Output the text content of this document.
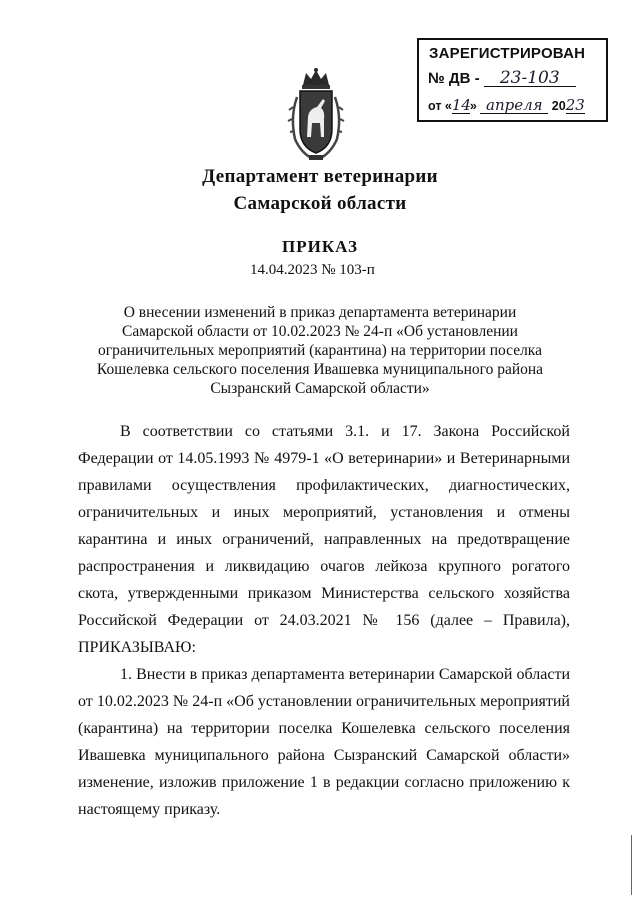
ЗАРЕГИСТРИРОВАН
№ ДВ - 23-103
от «14» апреля 2023
Департамент ветеринарии
Самарской области
ПРИКАЗ
14.04.2023 № 103-п
О внесении изменений в приказ департамента ветеринарии Самарской области от 10.02.2023 № 24-п «Об установлении ограничительных мероприятий (карантина) на территории поселка Кошелевка сельского поселения Ивашевка муниципального района Сызранский Самарской области»

В соответствии со статьями 3.1. и 17. Закона Российской Федерации от 14.05.1993 № 4979-1 «О ветеринарии» и Ветеринарными правилами осуществления профилактических, диагностических, ограничительных и иных мероприятий, установления и отмены карантина и иных ограничений, направленных на предотвращение распространения и ликвидацию очагов лейкоза крупного рогатого скота, утвержденными приказом Министерства сельского хозяйства Российской Федерации от 24.03.2021 № 156 (далее – Правила), ПРИКАЗЫВАЮ:

1. Внести в приказ департамента ветеринарии Самарской области от 10.02.2023 № 24-п «Об установлении ограничительных мероприятий (карантина) на территории поселка Кошелевка сельского поселения Ивашевка муниципального района Сызранский Самарской области» изменение, изложив приложение 1 в редакции согласно приложению к настоящему приказу.
